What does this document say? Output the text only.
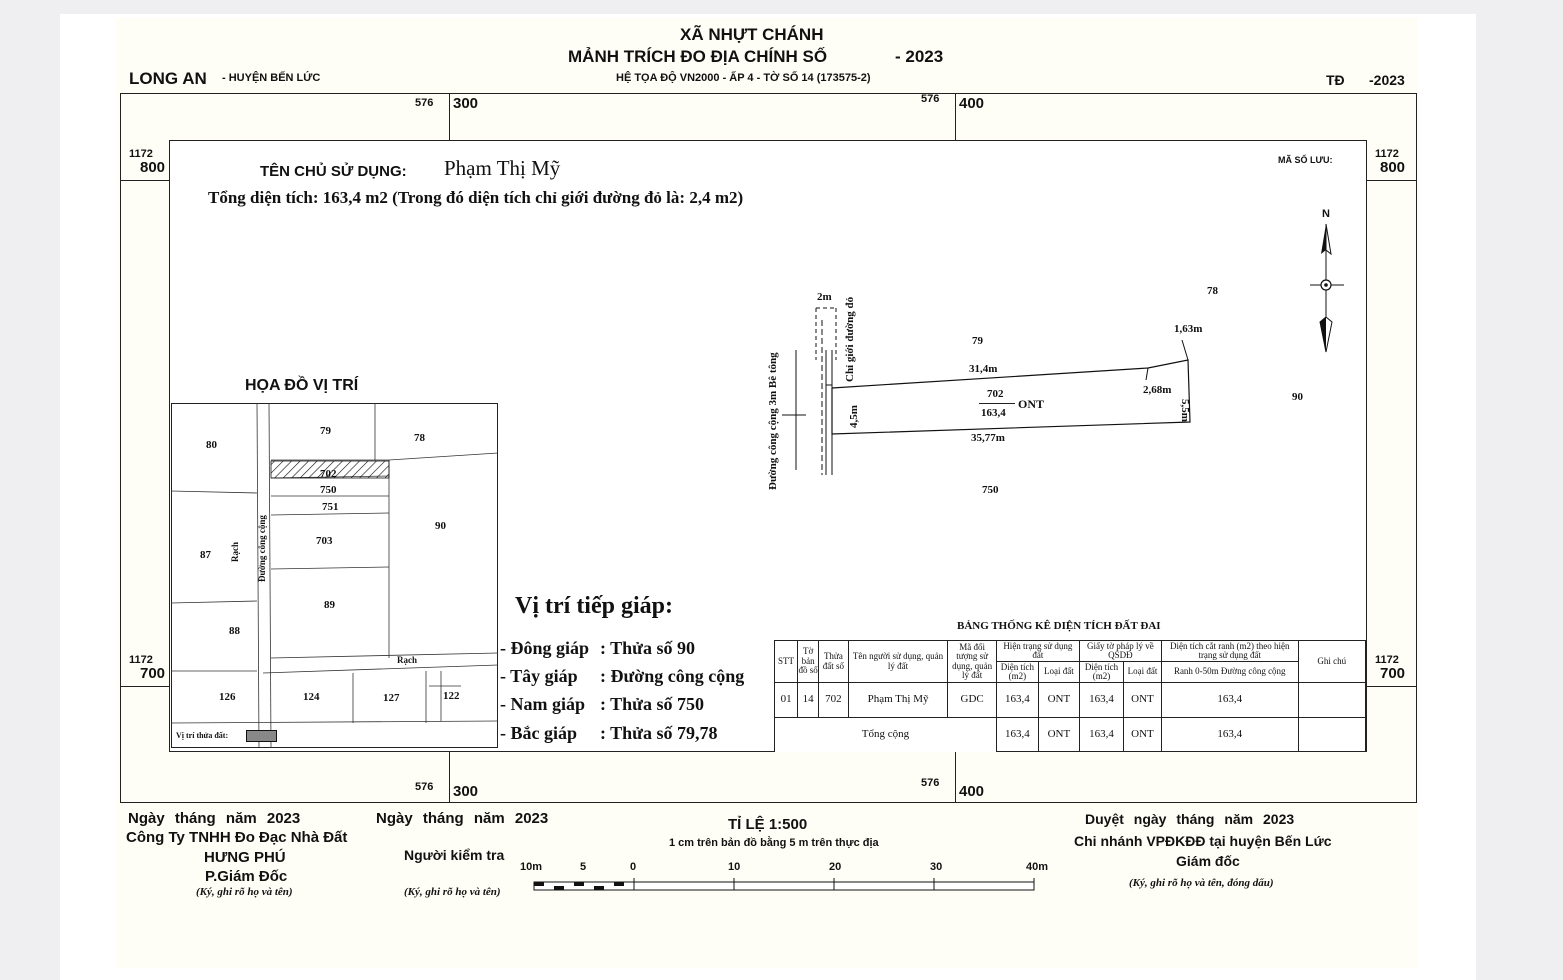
XÃ NHỰT CHÁNH
MẢNH TRÍCH ĐO ĐỊA CHÍNH SỐ	- 2023
HỆ TỌA ĐỘ VN2000 - ẤP 4 - TỜ SỐ 14 (173575-2)
LONG AN - HUYỆN BẾN LỨC	TĐ -2023
576 300	576 400
576 300	576 400
1172
800
1172
800
1172
700
1172
700
TÊN CHỦ SỬ DỤNG: Phạm Thị Mỹ
Tổng diện tích: 163,4 m2 (Trong đó diện tích chỉ giới đường đỏ là: 2,4 m2)
MÃ SỐ LƯU:
N
2m Chỉ giới đường đỏ
Đường công cộng 3m Bê tông	4,5m	5,5m
79
78
90
750
31,4m
35,77m
1,63m
2,68m
702
163,4
ONT
HỌA ĐỒ VỊ TRÍ
80
79
78
702
750
751
90
87
703
89
88
126	124	127	122
Đường công cộng
Rạch
Rạch
Vị trí thửa đất:
Vị trí tiếp giáp:
- Đông giáp : Thửa số 90
- Tây giáp : Đường công cộng
- Nam giáp : Thửa số 750
- Bắc giáp : Thửa số 79,78
BẢNG THỐNG KÊ DIỆN TÍCH ĐẤT ĐAI
STT	Tờ bản đồ số	Thửa đất số	Tên người sử dụng, quản lý đất	Mã đối tượng sử dụng, quản lý đất	Hiện trạng sử dụng đất		Giấy tờ pháp lý về QSDĐ		Diện tích cắt ranh (m2) theo hiện trạng sử dụng đất	Ghi chú
					Diện tích (m2)	Loại đất	Diện tích (m2)	Loại đất	Ranh 0-50m Đường công cộng	
01	14	702	Phạm Thị Mỹ	GDC	163,4	ONT	163,4	ONT	163,4	
Tổng cộng					163,4	ONT	163,4	ONT	163,4	
Ngày tháng năm 2023
Công Ty TNHH Đo Đạc Nhà Đất
HƯNG PHÚ
P.Giám Đốc
(Ký, ghi rõ họ và tên)
Ngày tháng năm 2023
Người kiểm tra
(Ký, ghi rõ họ và tên)
TỈ LỆ 1:500
1 cm trên bản đồ bằng 5 m trên thực địa
10m	5	0	10	20	30	40m
Duyệt ngày tháng năm 2023
Chi nhánh VPĐKĐĐ tại huyện Bến Lức
Giám đốc
(Ký, ghi rõ họ và tên, đóng dấu)
